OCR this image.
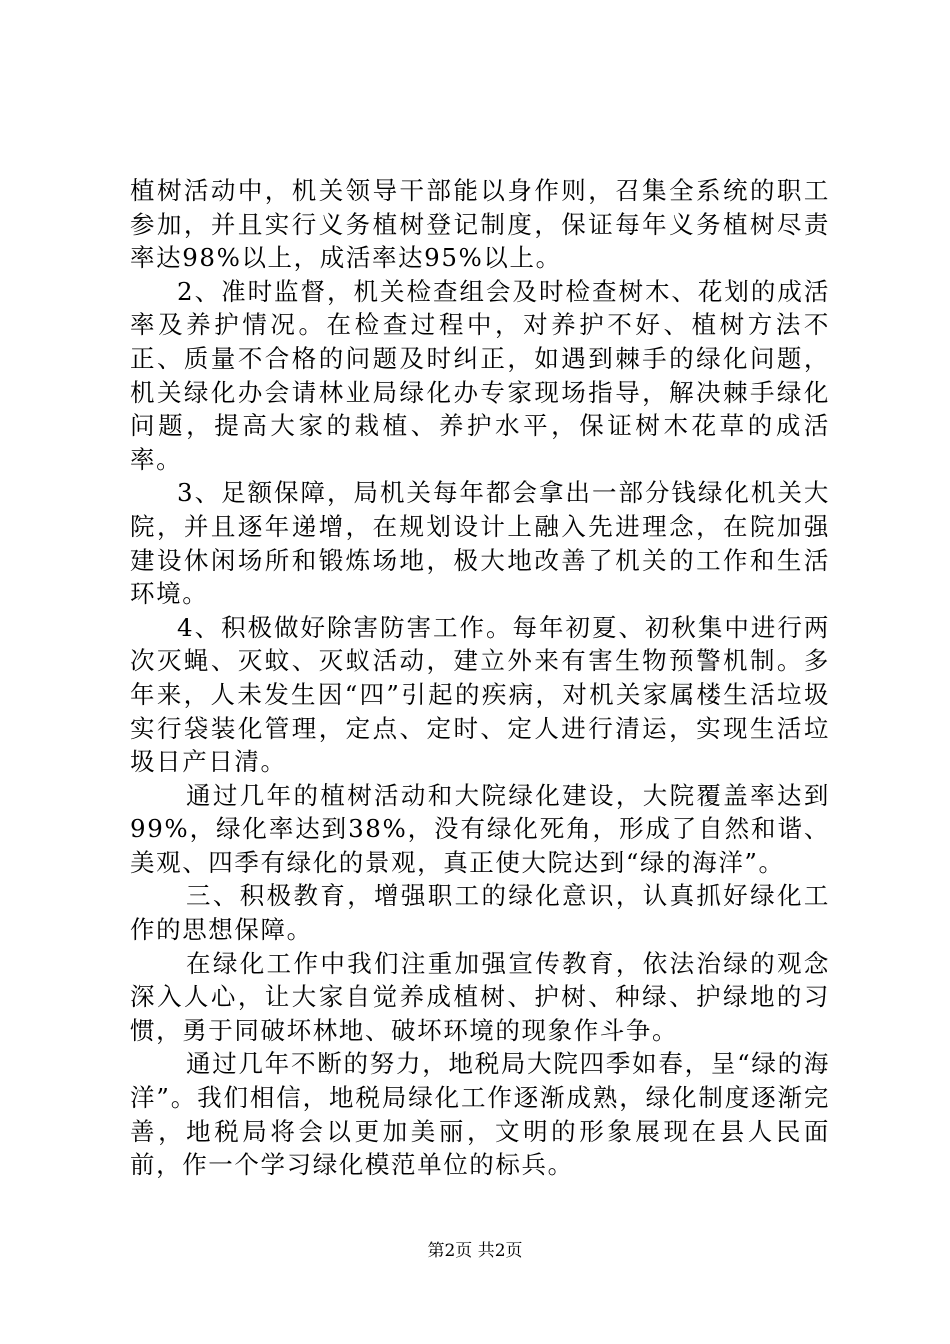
植树活动中，机关领导干部能以身作则，召集全系统的职工参加，并且实行义务植树登记制度，保证每年义务植树尽责率达98%以上，成活率达95%以上。

2、准时监督，机关检查组会及时检查树木、花划的成活率及养护情况。在检查过程中，对养护不好、植树方法不正、质量不合格的问题及时纠正，如遇到棘手的绿化问题，机关绿化办会请林业局绿化办专家现场指导，解决棘手绿化问题，提高大家的栽植、养护水平，保证树木花草的成活率。

3、足额保障，局机关每年都会拿出一部分钱绿化机关大院，并且逐年递增，在规划设计上融入先进理念，在院加强建设休闲场所和锻炼场地，极大地改善了机关的工作和生活环境。

4、积极做好除害防害工作。每年初夏、初秋集中进行两次灭蝇、灭蚊、灭蚁活动，建立外来有害生物预警机制。多年来，人未发生因“四”引起的疾病，对机关家属楼生活垃圾实行袋装化管理，定点、定时、定人进行清运，实现生活垃圾日产日清。

通过几年的植树活动和大院绿化建设，大院覆盖率达到99%，绿化率达到38%，没有绿化死角，形成了自然和谐、美观、四季有绿化的景观，真正使大院达到“绿的海洋”。

三、积极教育，增强职工的绿化意识，认真抓好绿化工作的思想保障。

在绿化工作中我们注重加强宣传教育，依法治绿的观念深入人心，让大家自觉养成植树、护树、种绿、护绿地的习惯，勇于同破坏林地、破坏环境的现象作斗争。

通过几年不断的努力，地税局大院四季如春，呈“绿的海洋”。我们相信，地税局绿化工作逐渐成熟，绿化制度逐渐完善，地税局将会以更加美丽，文明的形象展现在县人民面前，作一个学习绿化模范单位的标兵。

第2页 共2页
